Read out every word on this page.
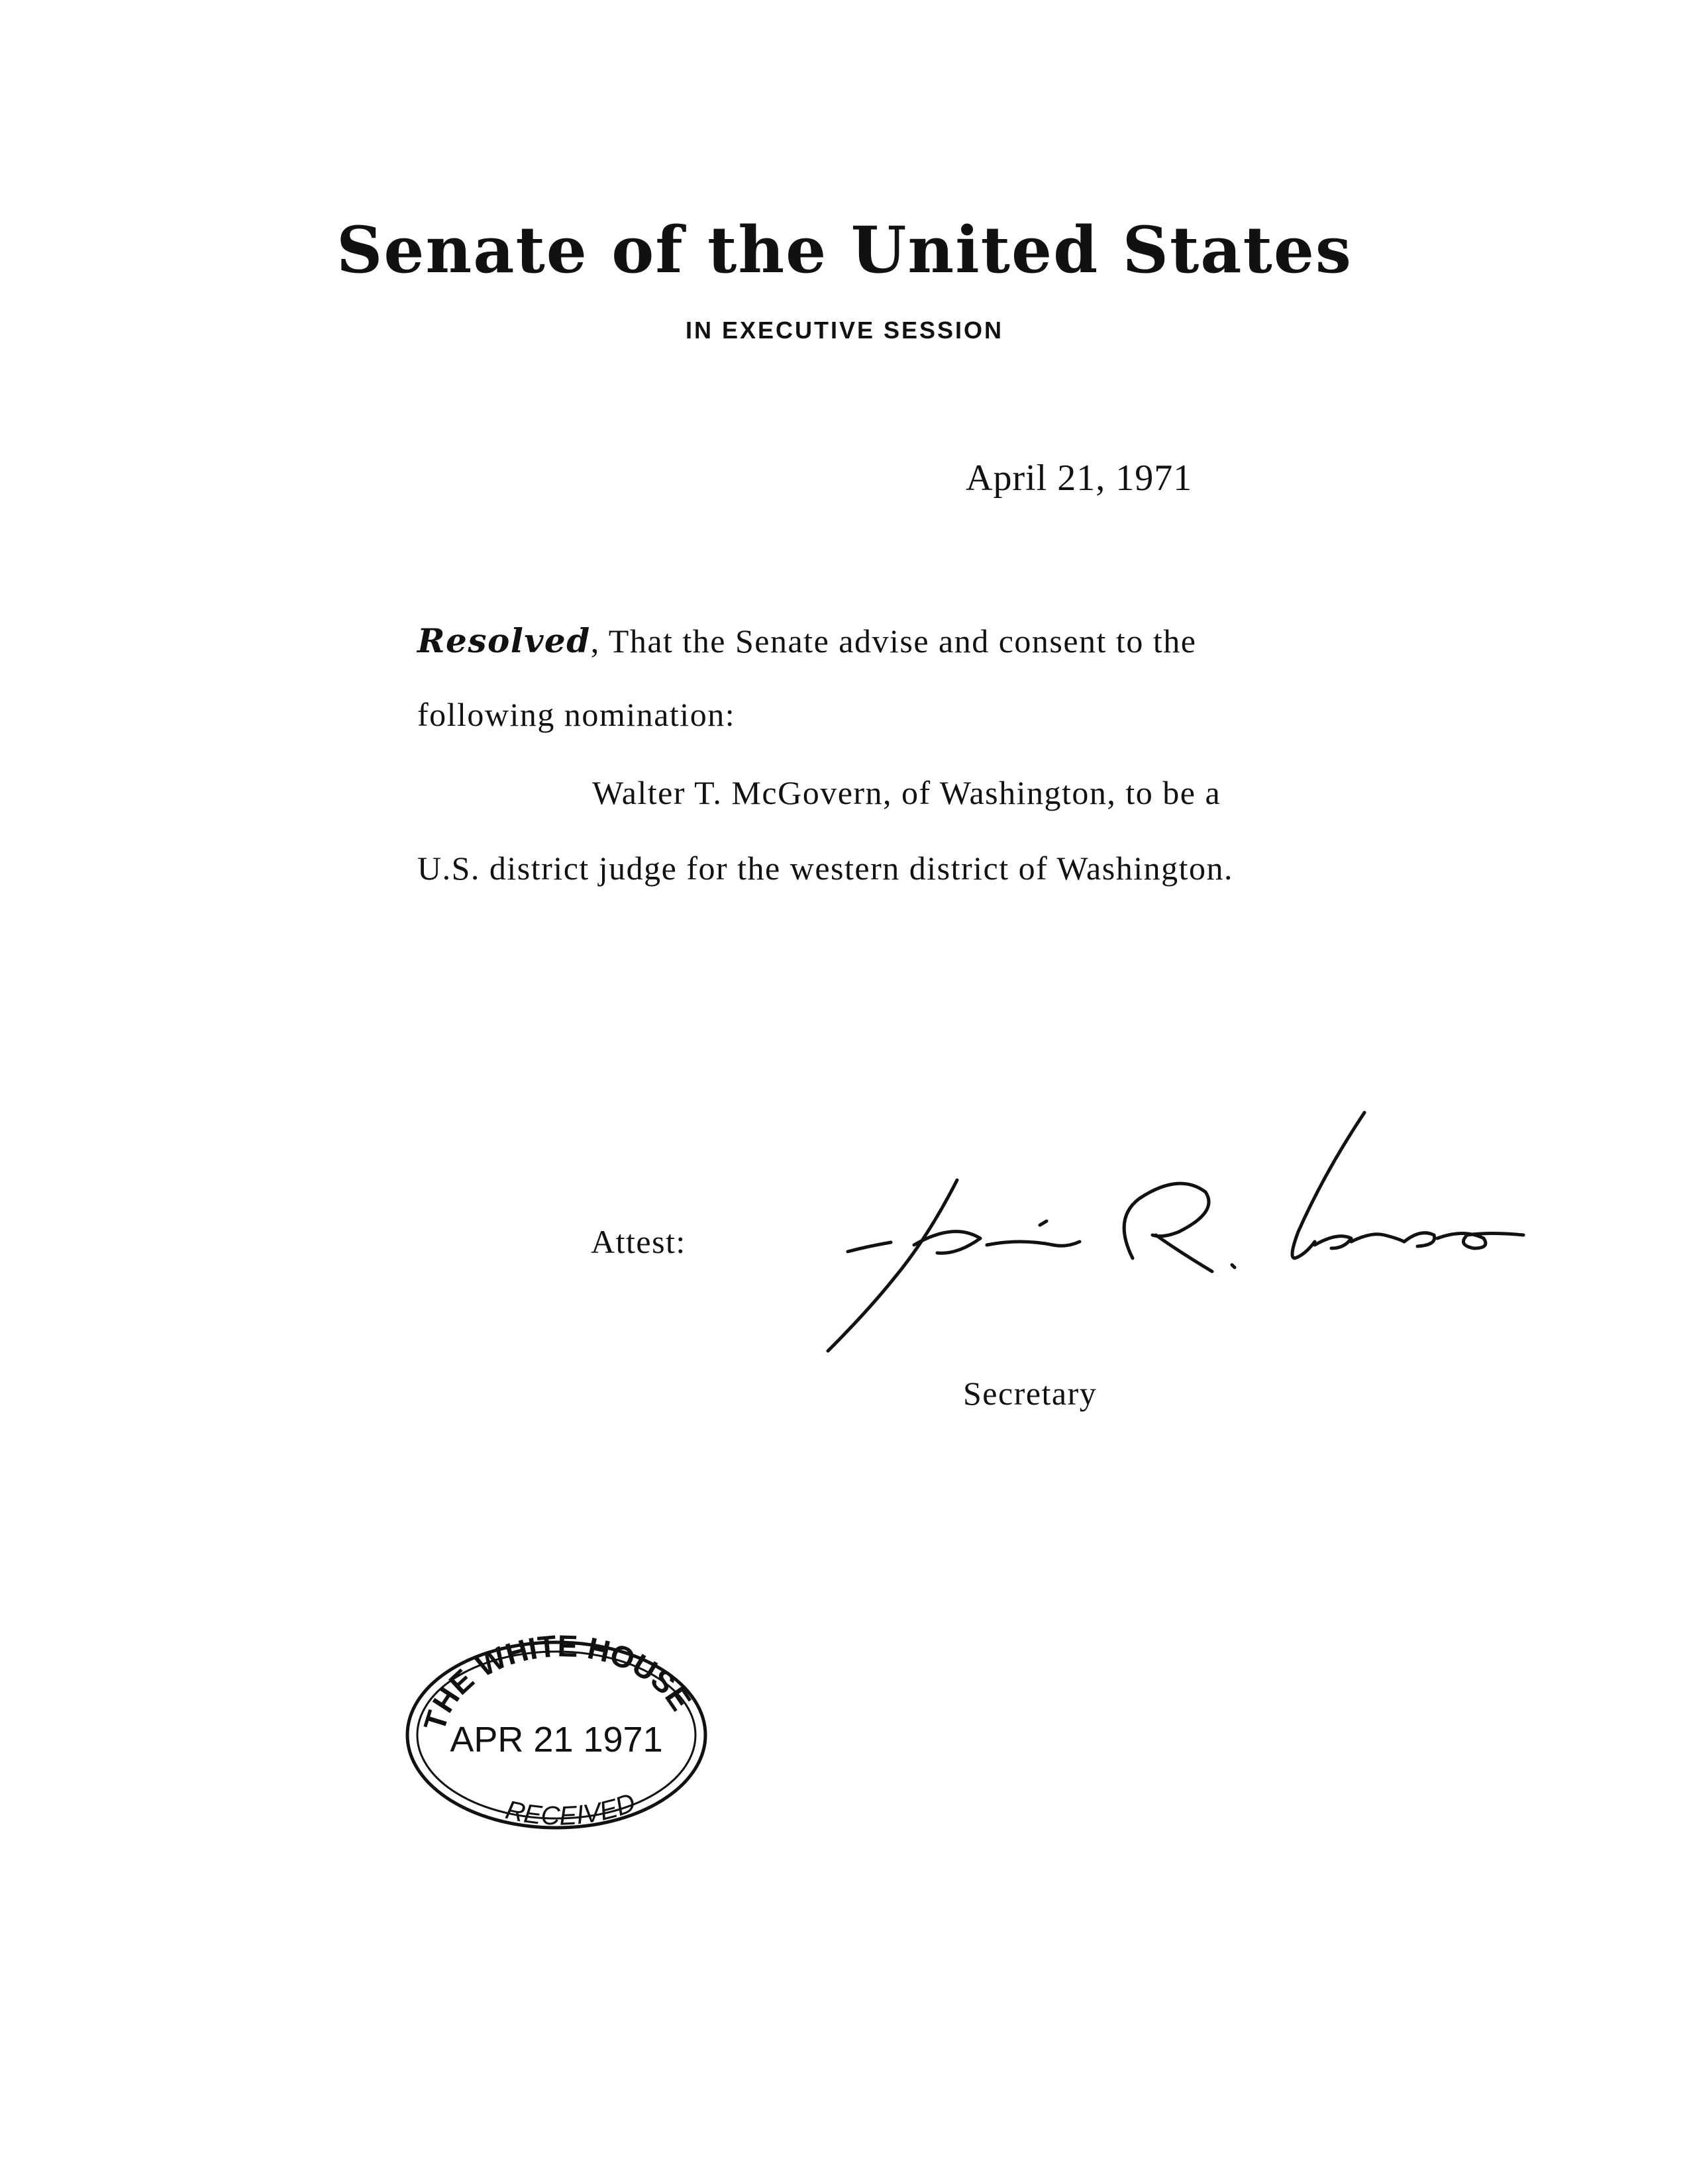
Senate of the United States
IN EXECUTIVE SESSION
April 21, 1971
Resolved, That the Senate advise and consent to the
following nomination:
Walter T. McGovern, of Washington, to be a
U.S. district judge for the western district of Washington.
Attest:
Secretary
THE WHITE HOUSE
APR 21 1971
RECEIVED
